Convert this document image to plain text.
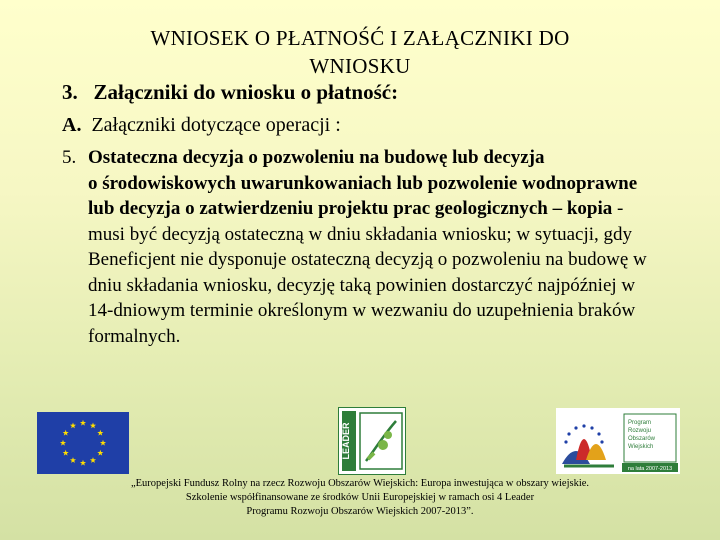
WNIOSEK O PŁATNOŚĆ I ZAŁĄCZNIKI DO WNIOSKU
3. Załączniki do wniosku o płatność:
A. Załączniki dotyczące operacji :
5. Ostateczna decyzja o pozwoleniu na budowę lub decyzja
o środowiskowych uwarunkowaniach lub pozwolenie wodnoprawne lub decyzja o zatwierdzeniu projektu prac geologicznych – kopia - musi być decyzją ostateczną w dniu składania wniosku; w sytuacji, gdy Beneficjent nie dysponuje ostateczną decyzją o pozwoleniu na budowę w dniu składania wniosku, decyzję taką powinien dostarczyć najpóźniej w 14-dniowym terminie określonym w wezwaniu do uzupełnienia braków formalnych.
LEADER	Program
Rozwoju
Obszarów
Wiejskich
na lata 2007-2013
„Europejski Fundusz Rolny na rzecz Rozwoju Obszarów Wiejskich: Europa inwestująca w obszary wiejskie.
Szkolenie współfinansowane ze środków Unii Europejskiej w ramach osi 4 Leader
Programu Rozwoju Obszarów Wiejskich 2007-2013”.
